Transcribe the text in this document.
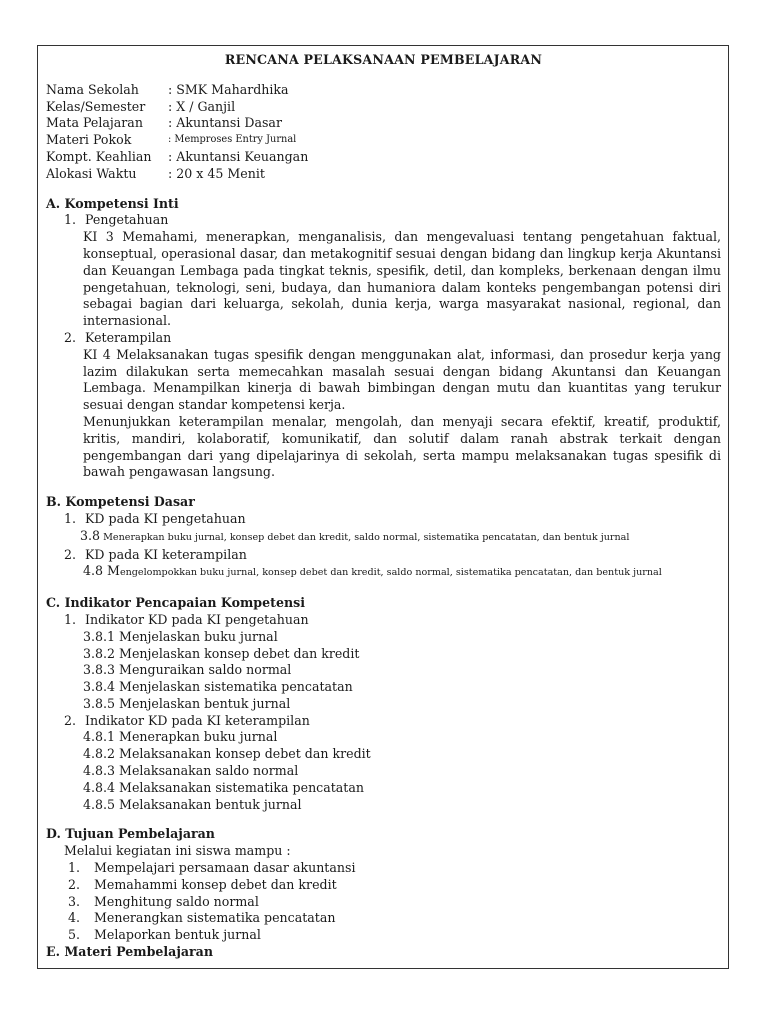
RENCANA PELAKSANAAN PEMBELAJARAN
Nama Sekolah	: SMK Mahardhika
Kelas/Semester	: X / Ganjil
Mata Pelajaran	: Akuntansi Dasar
Materi Pokok	: Memproses Entry Jurnal
Kompt. Keahlian	: Akuntansi Keuangan
Alokasi Waktu	: 20 x 45 Menit
A. Kompetensi Inti
1. Pengetahuan
KI 3 Memahami, menerapkan, menganalisis, dan mengevaluasi tentang pengetahuan faktual, konseptual, operasional dasar, dan metakognitif sesuai dengan bidang dan lingkup kerja Akuntansi dan Keuangan Lembaga pada tingkat teknis, spesifik, detil, dan kompleks, berkenaan dengan ilmu pengetahuan, teknologi, seni, budaya, dan humaniora dalam konteks pengembangan potensi diri sebagai bagian dari keluarga, sekolah, dunia kerja, warga masyarakat nasional, regional, dan internasional.
2. Keterampilan
KI 4 Melaksanakan tugas spesifik dengan menggunakan alat, informasi, dan prosedur kerja yang lazim dilakukan serta memecahkan masalah sesuai dengan bidang Akuntansi dan Keuangan Lembaga. Menampilkan kinerja di bawah bimbingan dengan mutu dan kuantitas yang terukur sesuai dengan standar kompetensi kerja.
Menunjukkan keterampilan menalar, mengolah, dan menyaji secara efektif, kreatif, produktif, kritis, mandiri, kolaboratif, komunikatif, dan solutif dalam ranah abstrak terkait dengan pengembangan dari yang dipelajarinya di sekolah, serta mampu melaksanakan tugas spesifik di bawah pengawasan langsung.
B. Kompetensi Dasar
1. KD pada KI pengetahuan
3.8 Menerapkan buku jurnal, konsep debet dan kredit, saldo normal, sistematika pencatatan, dan bentuk jurnal
2. KD pada KI keterampilan
4.8 Mengelompokkan buku jurnal, konsep debet dan kredit, saldo normal, sistematika pencatatan, dan bentuk jurnal
C. Indikator Pencapaian Kompetensi
1. Indikator KD pada KI pengetahuan
3.8.1 Menjelaskan buku jurnal
3.8.2 Menjelaskan konsep debet dan kredit
3.8.3 Menguraikan saldo normal
3.8.4 Menjelaskan sistematika pencatatan
3.8.5 Menjelaskan bentuk jurnal
2. Indikator KD pada KI keterampilan
4.8.1 Menerapkan buku jurnal
4.8.2 Melaksanakan konsep debet dan kredit
4.8.3 Melaksanakan saldo normal
4.8.4 Melaksanakan sistematika pencatatan
4.8.5 Melaksanakan bentuk jurnal
D. Tujuan Pembelajaran
Melalui kegiatan ini siswa mampu :
1.	Mempelajari persamaan dasar akuntansi
2.	Memahammi konsep debet dan kredit
3.	Menghitung saldo normal
4.	Menerangkan sistematika pencatatan
5.	Melaporkan bentuk jurnal
E. Materi Pembelajaran
